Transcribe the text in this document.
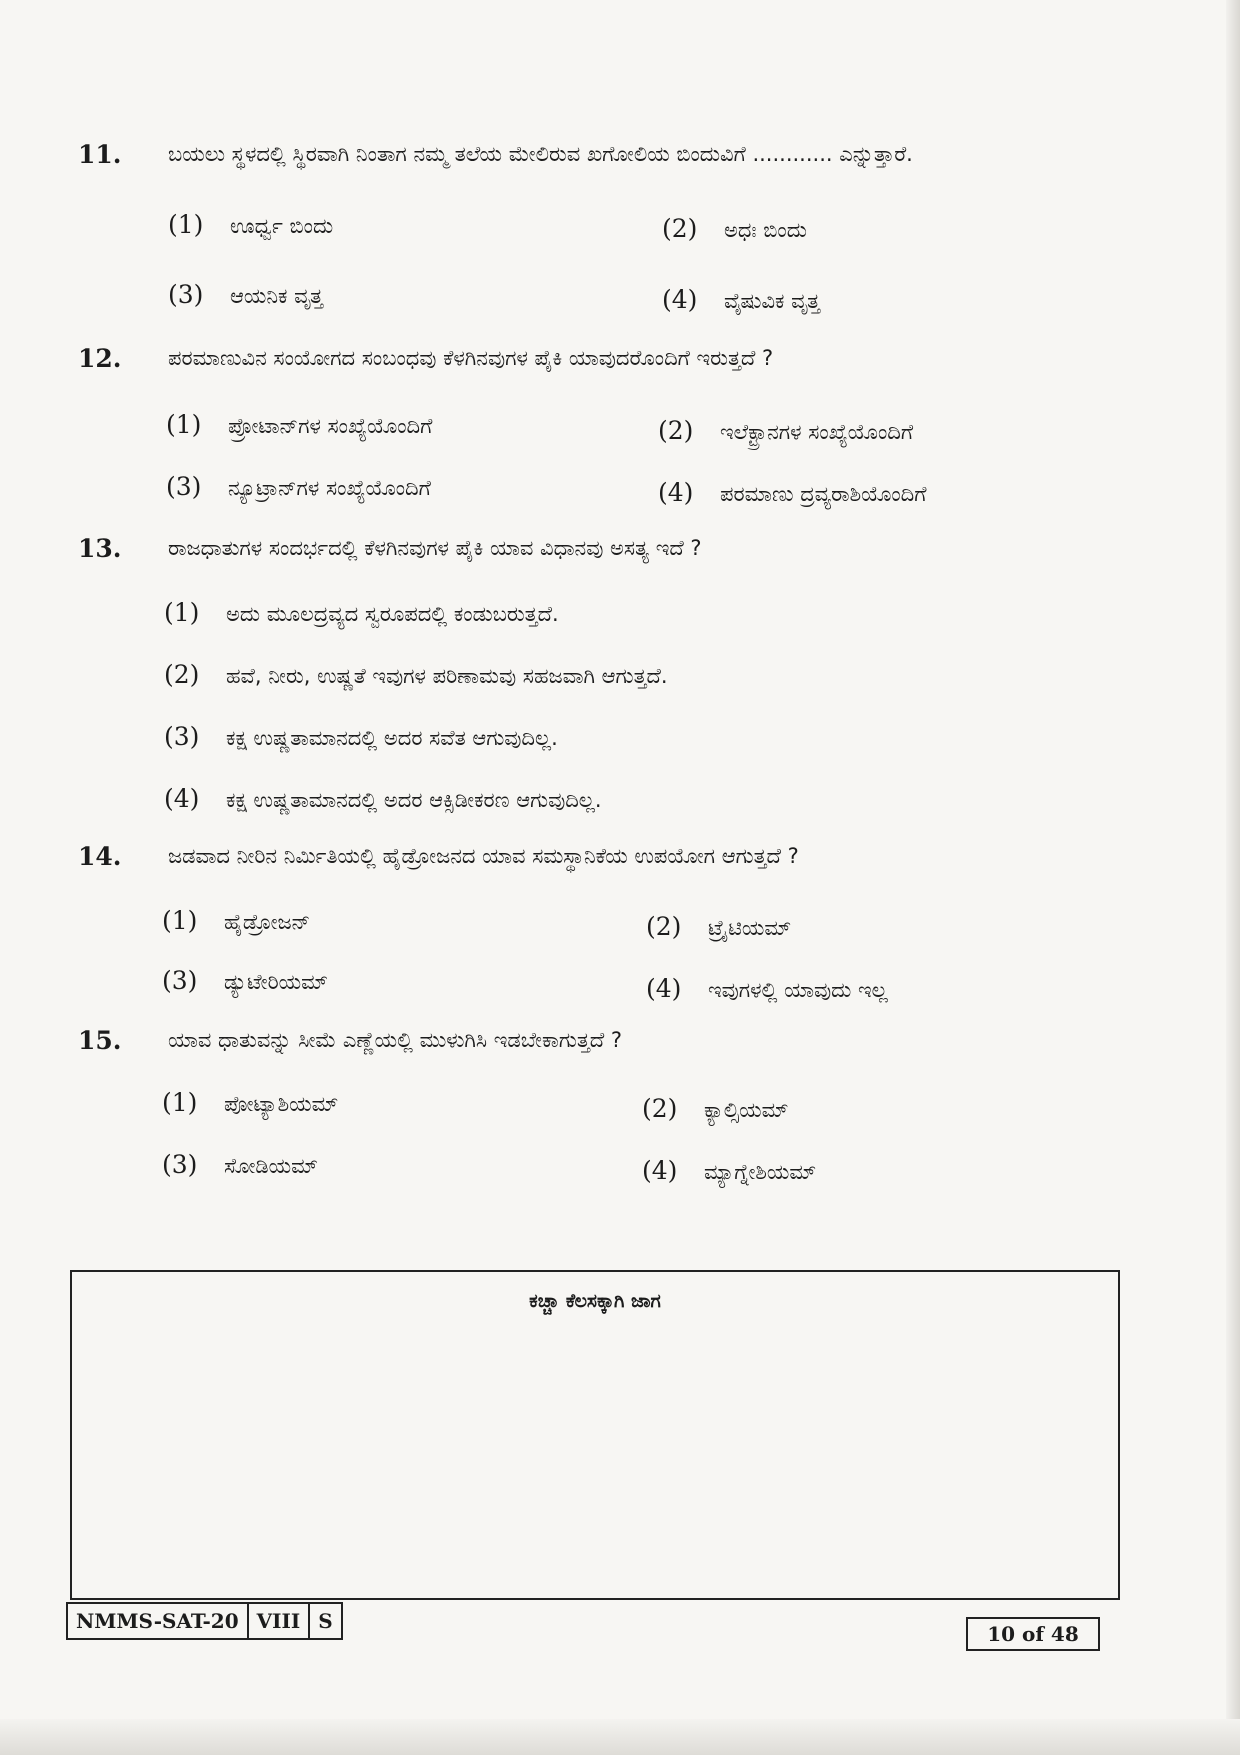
11. ಬಯಲು ಸ್ಥಳದಲ್ಲಿ ಸ್ಥಿರವಾಗಿ ನಿಂತಾಗ ನಮ್ಮ ತಲೆಯ ಮೇಲಿರುವ ಖಗೋಲಿಯ ಬಿಂದುವಿಗೆ ............ ಎನ್ನುತ್ತಾರೆ.
(1) ಊರ್ಧ್ವ ಬಿಂದು	(2) ಅಧಃ ಬಿಂದು
(3) ಆಯನಿಕ ವೃತ್ತ	(4) ವೈಷುವಿಕ ವೃತ್ತ
12. ಪರಮಾಣುವಿನ ಸಂಯೋಗದ ಸಂಬಂಧವು ಕೆಳಗಿನವುಗಳ ಪೈಕಿ ಯಾವುದರೊಂದಿಗೆ ಇರುತ್ತದೆ ?
(1) ಪ್ರೋಟಾನ್‌ಗಳ ಸಂಖ್ಯೆಯೊಂದಿಗೆ	(2) ಇಲೆಕ್ಟ್ರಾನಗಳ ಸಂಖ್ಯೆಯೊಂದಿಗೆ
(3) ನ್ಯೂಟ್ರಾನ್‌ಗಳ ಸಂಖ್ಯೆಯೊಂದಿಗೆ	(4) ಪರಮಾಣು ದ್ರವ್ಯರಾಶಿಯೊಂದಿಗೆ
13. ರಾಜಧಾತುಗಳ ಸಂದರ್ಭದಲ್ಲಿ ಕೆಳಗಿನವುಗಳ ಪೈಕಿ ಯಾವ ವಿಧಾನವು ಅಸತ್ಯ ಇದೆ ?
(1) ಅದು ಮೂಲದ್ರವ್ಯದ ಸ್ವರೂಪದಲ್ಲಿ ಕಂಡುಬರುತ್ತದೆ.
(2) ಹವೆ, ನೀರು, ಉಷ್ಣತೆ ಇವುಗಳ ಪರಿಣಾಮವು ಸಹಜವಾಗಿ ಆಗುತ್ತದೆ.
(3) ಕಕ್ಷ ಉಷ್ಣತಾಮಾನದಲ್ಲಿ ಅದರ ಸವೆತ ಆಗುವುದಿಲ್ಲ.
(4) ಕಕ್ಷ ಉಷ್ಣತಾಮಾನದಲ್ಲಿ ಅದರ ಆಕ್ಸಿಡೀಕರಣ ಆಗುವುದಿಲ್ಲ.
14. ಜಡವಾದ ನೀರಿನ ನಿರ್ಮಿತಿಯಲ್ಲಿ ಹೈಡ್ರೋಜನದ ಯಾವ ಸಮಸ್ಥಾನಿಕೆಯ ಉಪಯೋಗ ಆಗುತ್ತದೆ ?
(1) ಹೈಡ್ರೋಜನ್	(2) ಟ್ರೈಟಿಯಮ್
(3) ಡ್ಯುಟೇರಿಯಮ್	(4) ಇವುಗಳಲ್ಲಿ ಯಾವುದು ಇಲ್ಲ
15. ಯಾವ ಧಾತುವನ್ನು ಸೀಮೆ ಎಣ್ಣೆಯಲ್ಲಿ ಮುಳುಗಿಸಿ ಇಡಬೇಕಾಗುತ್ತದೆ ?
(1) ಪೋಟ್ಯಾಶಿಯಮ್	(2) ಕ್ಯಾಲ್ಸಿಯಮ್
(3) ಸೋಡಿಯಮ್	(4) ಮ್ಯಾಗ್ನೇಶಿಯಮ್
ಕಚ್ಚಾ ಕೆಲಸಕ್ಕಾಗಿ ಜಾಗ
NMMS-SAT-20 VIII S
10 of 48
